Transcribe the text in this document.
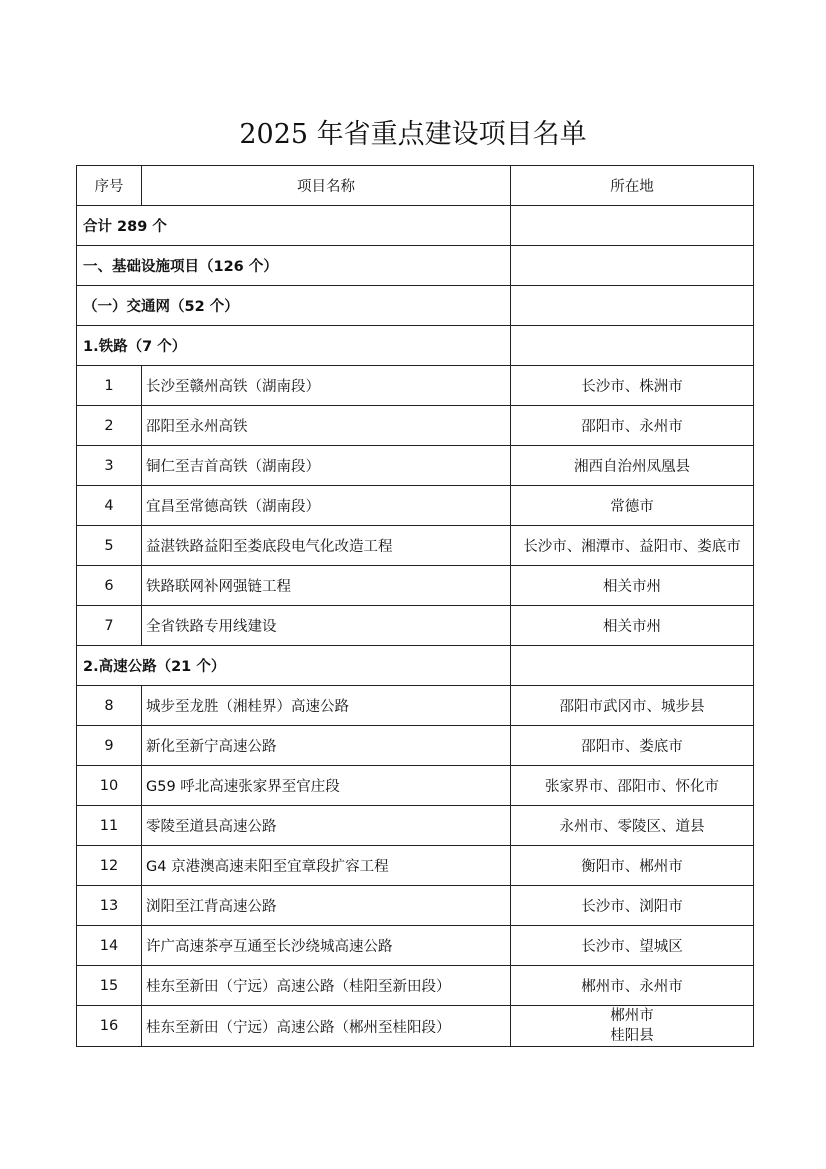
2025 年省重点建设项目名单
序号	项目名称	所在地
合计 289 个		
一、基础设施项目（126 个）		
（一）交通网（52 个）		
1.铁路（7 个）		
1	长沙至赣州高铁（湖南段）	长沙市、株洲市
2	邵阳至永州高铁	邵阳市、永州市
3	铜仁至吉首高铁（湖南段）	湘西自治州凤凰县
4	宜昌至常德高铁（湖南段）	常德市
5	益湛铁路益阳至娄底段电气化改造工程	长沙市、湘潭市、益阳市、娄底市
6	铁路联网补网强链工程	相关市州
7	全省铁路专用线建设	相关市州
2.高速公路（21 个）		
8	城步至龙胜（湘桂界）高速公路	邵阳市武冈市、城步县
9	新化至新宁高速公路	邵阳市、娄底市
10	G59 呼北高速张家界至官庄段	张家界市、邵阳市、怀化市
11	零陵至道县高速公路	永州市、零陵区、道县
12	G4 京港澳高速耒阳至宜章段扩容工程	衡阳市、郴州市
13	浏阳至江背高速公路	长沙市、浏阳市
14	许广高速茶亭互通至长沙绕城高速公路	长沙市、望城区
15	桂东至新田（宁远）高速公路（桂阳至新田段）	郴州市、永州市
16	桂东至新田（宁远）高速公路（郴州至桂阳段）	郴州市
桂阳县
